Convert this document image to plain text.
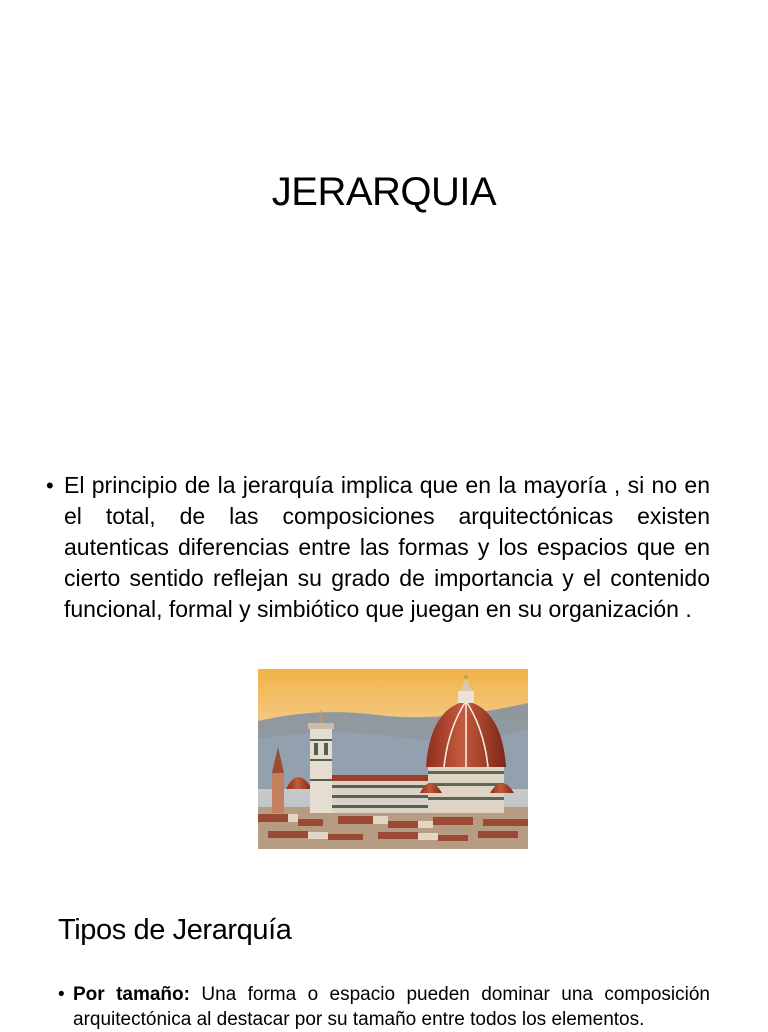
JERARQUIA
• El principio de la jerarquía implica que en la mayoría , si no en el total, de las composiciones arquitectónicas existen autenticas diferencias entre las formas y los espacios que en cierto sentido reflejan su grado de importancia y el contenido funcional, formal y simbiótico que juegan en su organización .

Tipos de Jerarquía
• Por tamaño: Una forma o espacio pueden dominar una composición arquitectónica al destacar por su tamaño entre todos los elementos.
